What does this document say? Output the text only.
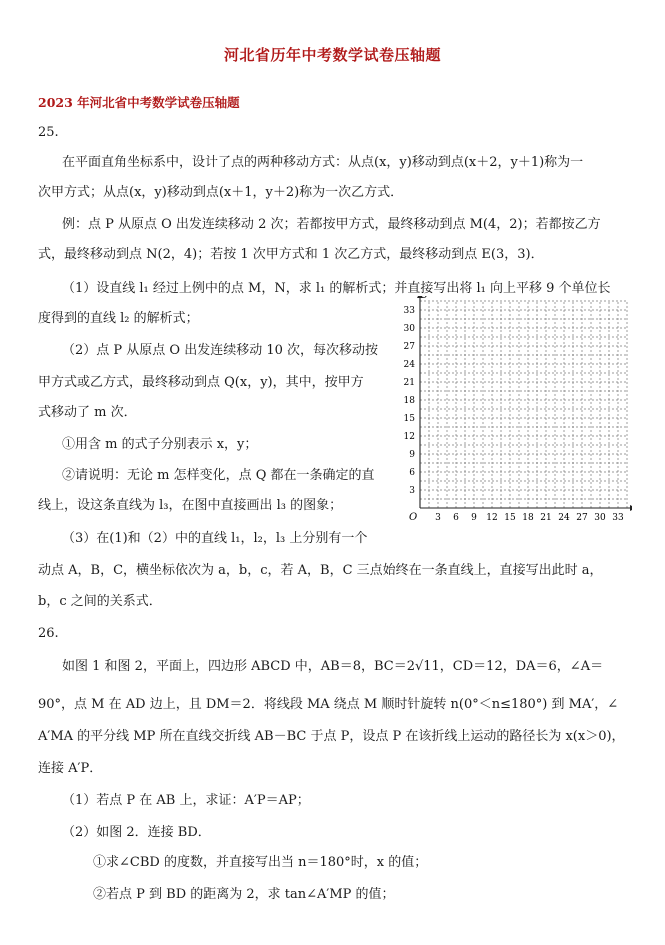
河北省历年中考数学试卷压轴题
2023 年河北省中考数学试卷压轴题
25.
在平面直角坐标系中，设计了点的两种移动方式：从点(x，y)移动到点(x＋2，y＋1)称为一
次甲方式；从点(x，y)移动到点(x＋1，y＋2)称为一次乙方式．
例：点 P 从原点 O 出发连续移动 2 次；若都按甲方式，最终移动到点 M(4，2)；若都按乙方
式，最终移动到点 N(2，4)；若按 1 次甲方式和 1 次乙方式，最终移动到点 E(3，3)．
（1）设直线 l₁ 经过上例中的点 M，N，求 l₁ 的解析式；并直接写出将 l₁ 向上平移 9 个单位长
度得到的直线 l₂ 的解析式；
（2）点 P 从原点 O 出发连续移动 10 次，每次移动按
甲方式或乙方式，最终移动到点 Q(x，y)，其中，按甲方
式移动了 m 次．
①用含 m 的式子分别表示 x，y；
②请说明：无论 m 怎样变化，点 Q 都在一条确定的直
线上，设这条直线为 l₃，在图中直接画出 l₃ 的图象；
（3）在(1)和（2）中的直线 l₁，l₂，l₃ 上分别有一个
动点 A，B，C，横坐标依次为 a，b，c，若 A，B，C 三点始终在一条直线上，直接写出此时 a，
b，c 之间的关系式．
O 3 6 9 12 15 18 21 24 27 30 33
33
30
27
24
21
18
15
12
9
6
3
26.
如图 1 和图 2，平面上，四边形 ABCD 中，AB＝8，BC＝2√11，CD＝12，DA＝6，∠A＝
90°，点 M 在 AD 边上，且 DM＝2．将线段 MA 绕点 M 顺时针旋转 n(0°＜n≤180°) 到 MA′，∠
A′MA 的平分线 MP 所在直线交折线 AB－BC 于点 P，设点 P 在该折线上运动的路径长为 x(x＞0)，
连接 A′P．
（1）若点 P 在 AB 上，求证：A′P＝AP；
（2）如图 2．连接 BD．
①求∠CBD 的度数，并直接写出当 n＝180°时，x 的值；
②若点 P 到 BD 的距离为 2，求 tan∠A′MP 的值；
